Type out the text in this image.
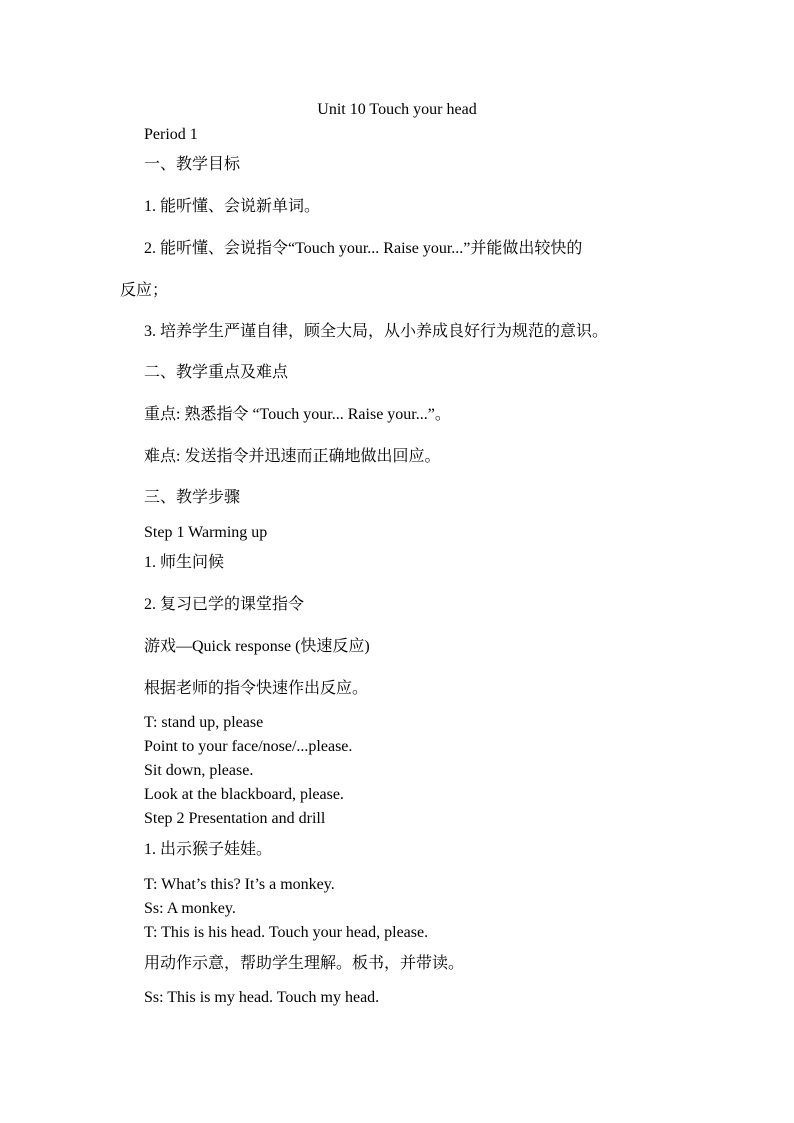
Unit 10 Touch your head
Period 1
一、教学目标
1. 能听懂、会说新单词。
2. 能听懂、会说指令“Touch your... Raise your...”并能做出较快的
反应；
3. 培养学生严谨自律，顾全大局，从小养成良好行为规范的意识。
二、教学重点及难点
重点: 熟悉指令 “Touch your... Raise your...”。
难点: 发送指令并迅速而正确地做出回应。
三、教学步骤
Step 1 Warming up
1. 师生问候
2. 复习已学的课堂指令
游戏—Quick response (快速反应)
根据老师的指令快速作出反应。
T: stand up, please
Point to your face/nose/...please.
Sit down, please.
Look at the blackboard, please.
Step 2 Presentation and drill
1. 出示猴子娃娃。
T: What’s this? It’s a monkey.
Ss: A monkey.
T: This is his head. Touch your head, please.
用动作示意，帮助学生理解。板书，并带读。
Ss: This is my head. Touch my head.
